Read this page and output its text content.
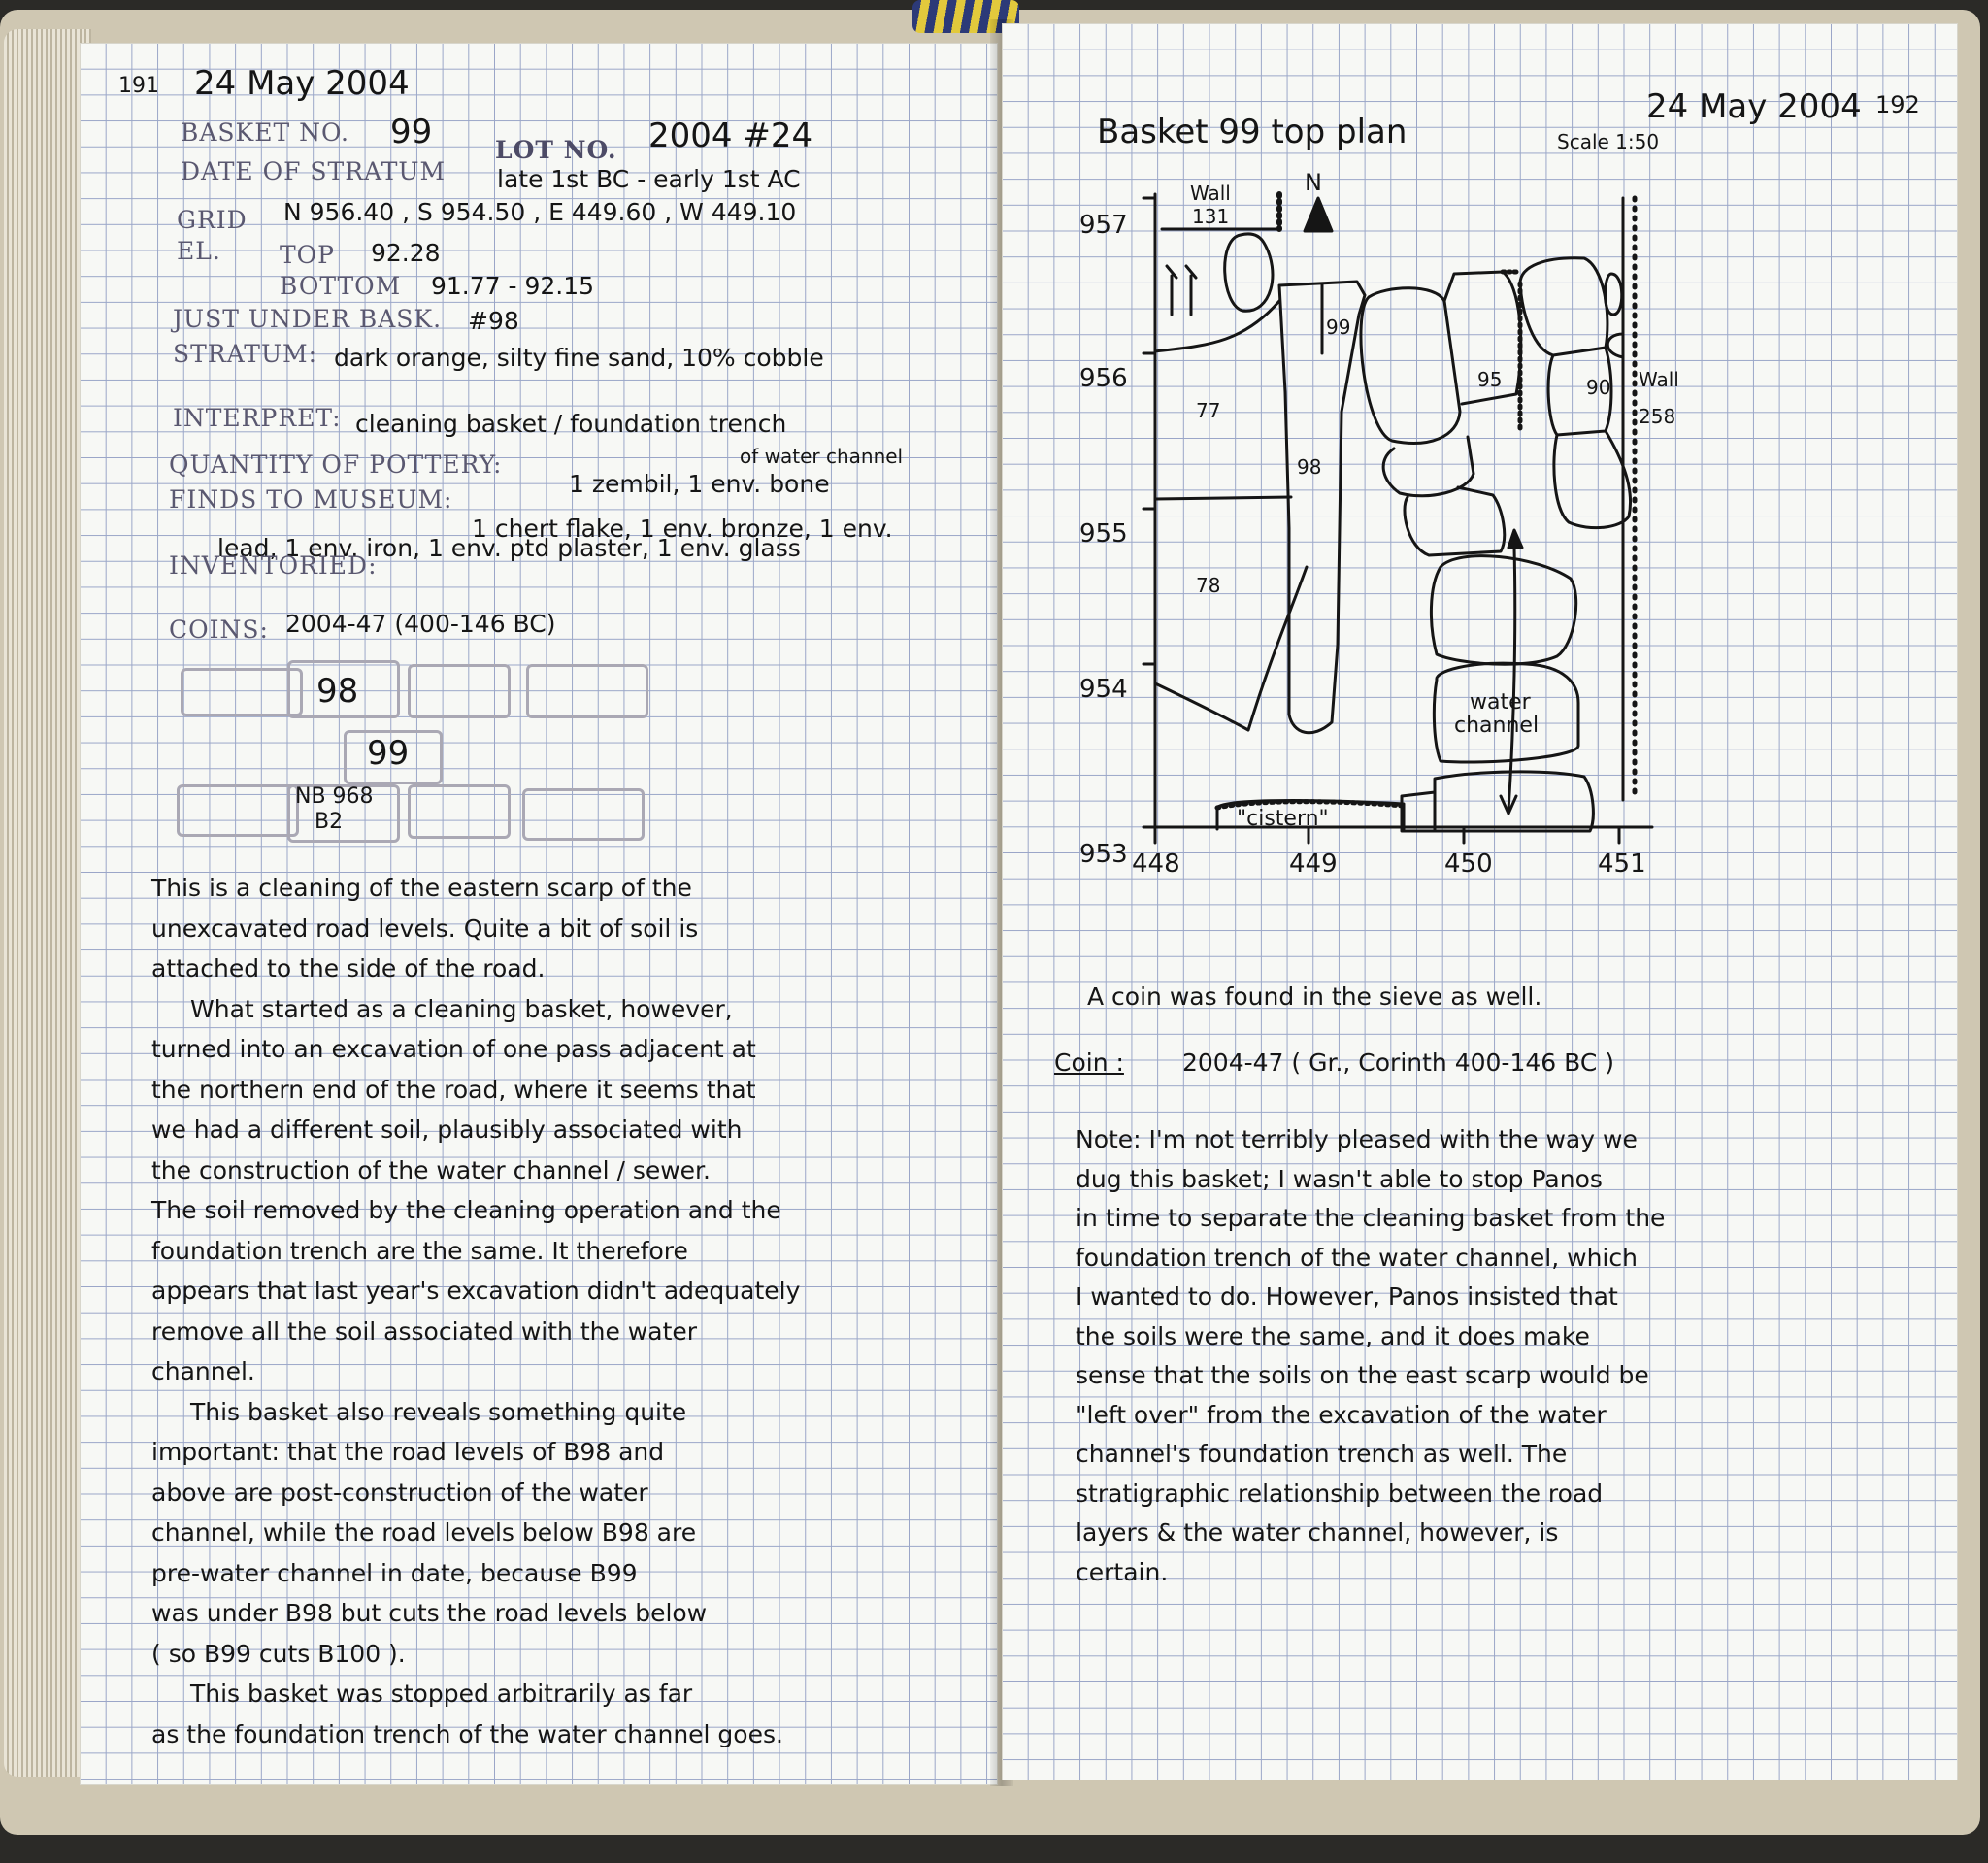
191 24 May 2004
BASKET NO. 99	LOT NO. 2004 #24
DATE OF STRATUM late 1st BC - early 1st AC
GRID N 956.40 , S 954.50 , E 449.60 , W 449.10
EL. TOP 92.28
BOTTOM 91.77 - 92.15
JUST UNDER BASK. #98
STRATUM: dark orange, silty fine sand, 10% cobble
INTERPRET: cleaning basket / foundation trench
of water channel
QUANTITY OF POTTERY:
1 zembil, 1 env. bone
FINDS TO MUSEUM:
1 chert flake, 1 env. bronze, 1 env.
lead, 1 env. iron, 1 env. ptd plaster, 1 env. glass
INVENTORIED:
COINS: 2004-47 (400-146 BC)
98
99
NB 968
B2
This is a cleaning of the eastern scarp of the
unexcavated road levels. Quite a bit of soil is
attached to the side of the road.
What started as a cleaning basket, however,
turned into an excavation of one pass adjacent at
the northern end of the road, where it seems that
we had a different soil, plausibly associated with
the construction of the water channel / sewer.
The soil removed by the cleaning operation and the
foundation trench are the same. It therefore
appears that last year's excavation didn't adequately
remove all the soil associated with the water
channel.
This basket also reveals something quite
important: that the road levels of B98 and
above are post-construction of the water
channel, while the road levels below B98 are
pre-water channel in date, because B99
was under B98 but cuts the road levels below
( so B99 cuts B100 ).
This basket was stopped arbitrarily as far
as the foundation trench of the water channel goes.
24 May 2004 192
Basket 99 top plan	Scale 1:50
957
956
955
954
953 448	449	450	451
N
Wall
131
99
98
77
78
95	90 Wall
258
water
channel
"cistern"
A coin was found in the sieve as well.
Coin : 2004-47 ( Gr., Corinth 400-146 BC )
Note: I'm not terribly pleased with the way we
dug this basket; I wasn't able to stop Panos
in time to separate the cleaning basket from the
foundation trench of the water channel, which
I wanted to do. However, Panos insisted that
the soils were the same, and it does make
sense that the soils on the east scarp would be
"left over" from the excavation of the water
channel's foundation trench as well. The
stratigraphic relationship between the road
layers & the water channel, however, is
certain.
